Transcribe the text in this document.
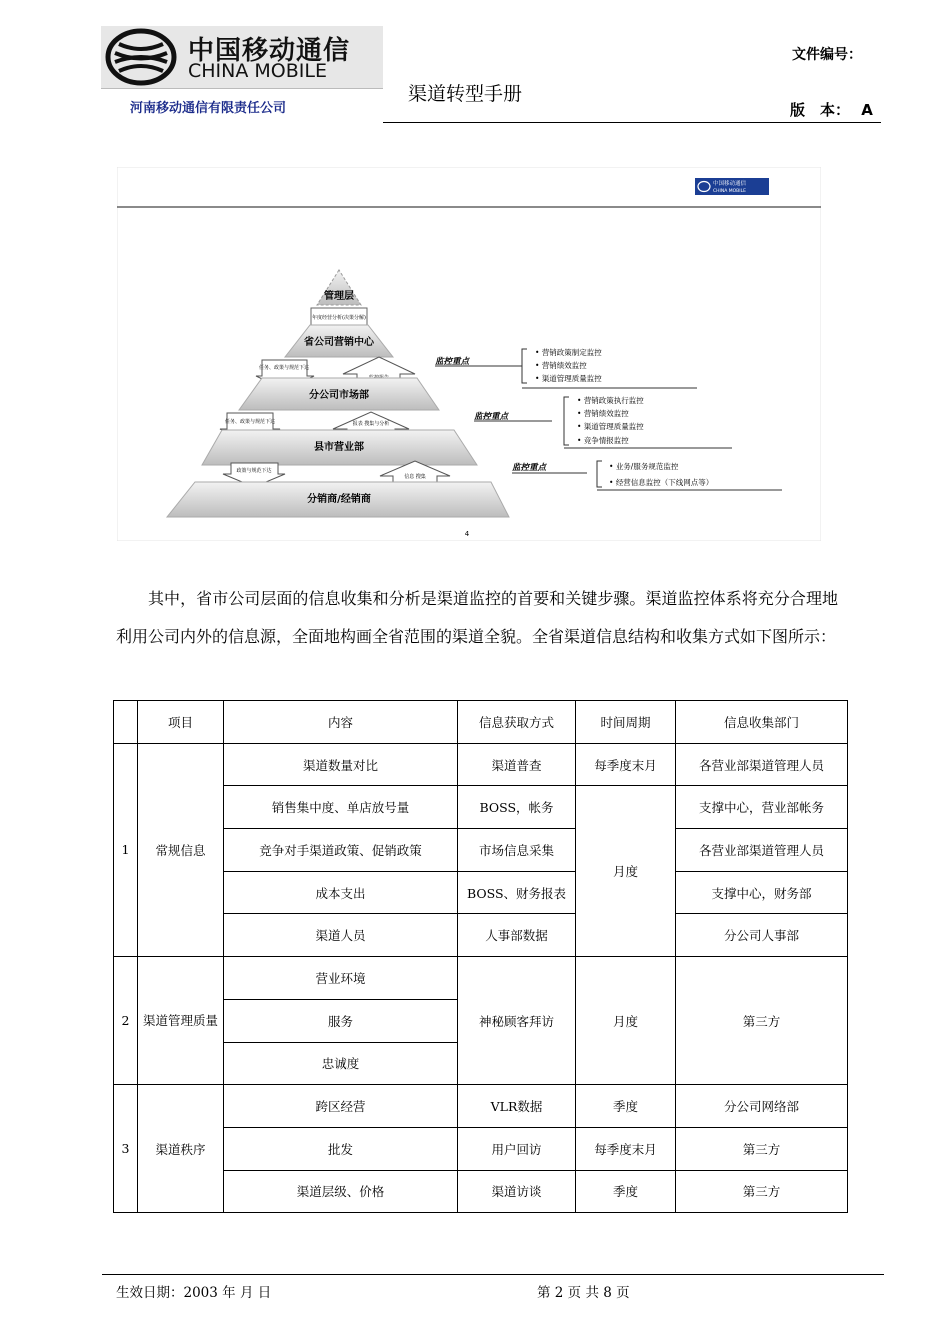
中国移动通信
CHINA MOBILE
河南移动通信有限责任公司
渠道转型手册
文件编号：
版　本： A
中国移动通信
CHINA MOBILE
管理层
年度经营分析(决策分解)
省公司营销中心
任务、政策与规范下达
分公司市场部
任务、政策与规范下达	报表 搜集与分析
县市营业部
政策与规范下达
信息 搜集
分销商/经销商
监控重点
• 营销政策制定监控
• 营销绩效监控
• 渠道管理质量监控
监控重点
• 营销政策执行监控
• 营销绩效监控
• 渠道管理质量监控
• 竞争情报监控
监控重点	• 业务/服务规范监控
• 经营信息监控（下线网点等）
4
其中，省市公司层面的信息收集和分析是渠道监控的首要和关键步骤。渠道监控体系将充分合理地利用公司内外的信息源，全面地构画全省范围的渠道全貌。全省渠道信息结构和收集方式如下图所示：
	项目	内容	信息获取方式	时间周期	信息收集部门
1	常规信息	渠道数量对比	渠道普查	每季度末月	各营业部渠道管理人员
		销售集中度、单店放号量	BOSS，帐务	月度	支撑中心，营业部帐务
		竞争对手渠道政策、促销政策	市场信息采集		各营业部渠道管理人员
		成本支出	BOSS、财务报表		支撑中心，财务部
		渠道人员	人事部数据		分公司人事部
2	渠道管理质量	营业环境	神秘顾客拜访	月度	第三方
		服务			
		忠诚度			
3	渠道秩序	跨区经营	VLR数据	季度	分公司网络部
		批发	用户回访	每季度末月	第三方
		渠道层级、价格	渠道访谈	季度	第三方
生效日期：2003 年 月 日	第 2 页 共 8 页
